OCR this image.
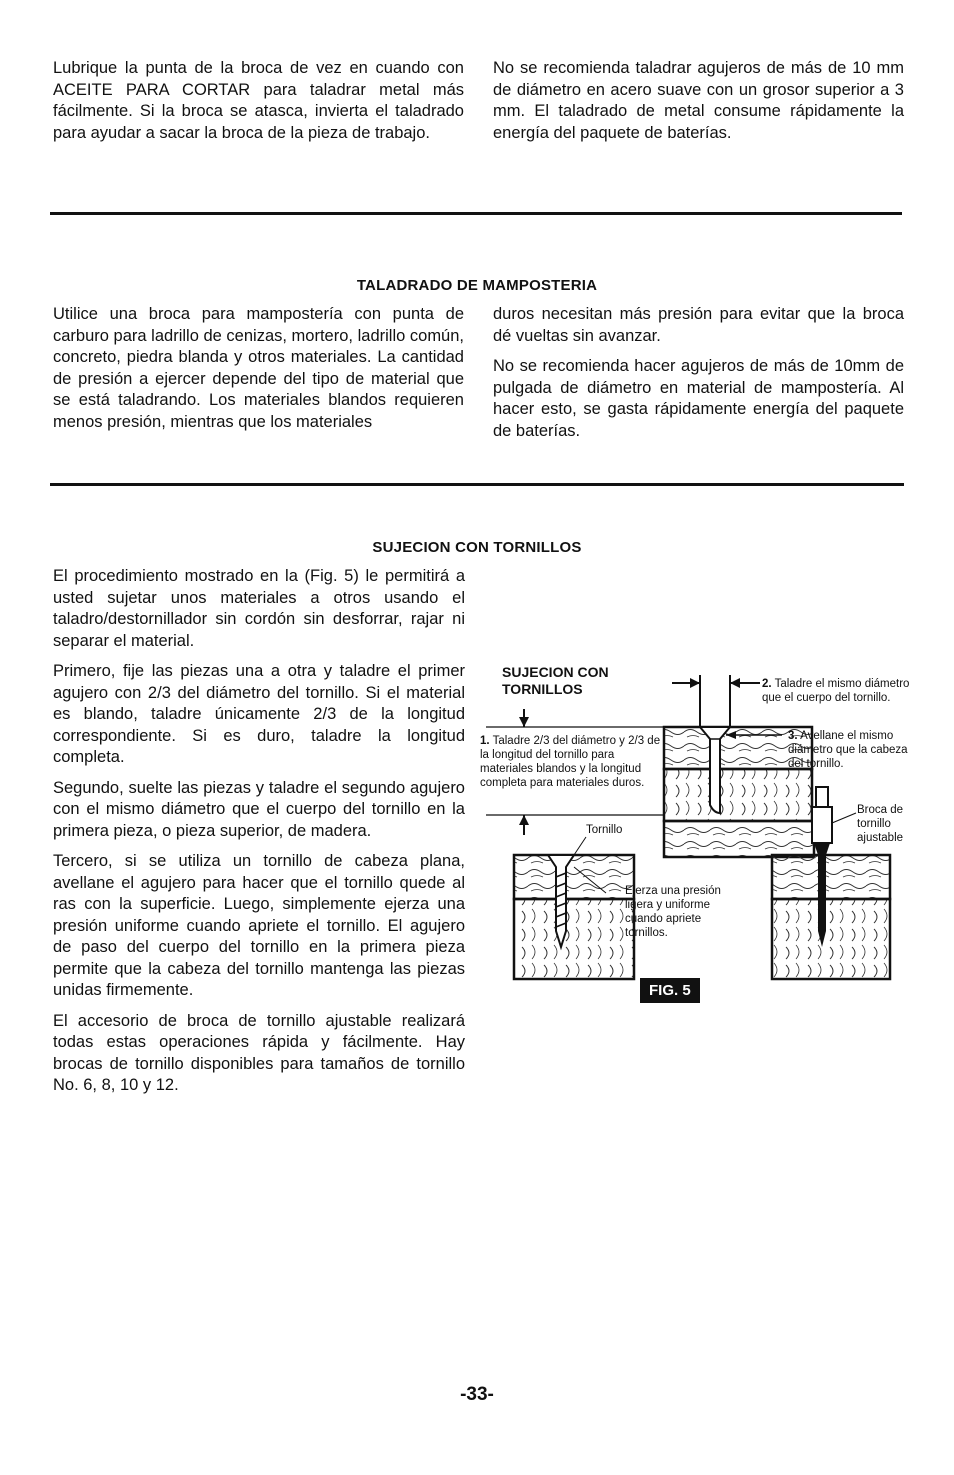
Lubrique la punta de la broca de vez en cuando con ACEITE PARA CORTAR para taladrar metal más fácilmente. Si la broca se atasca, invierta el taladrado para ayudar a sacar la broca de la pieza de trabajo.

No se recomienda taladrar agujeros de más de 10 mm de diámetro en acero suave con un grosor superior a 3 mm. El taladrado de metal consume rápidamente la energía del paquete de baterías.

TALADRADO DE MAMPOSTERIA

Utilice una broca para mampostería con punta de carburo para ladrillo de cenizas, mortero, ladrillo común, concreto, piedra blanda y otros materiales. La cantidad de presión a ejercer depende del tipo de material que se está taladrando. Los materiales blandos requieren menos presión, mientras que los materiales

duros necesitan más presión para evitar que la broca dé vueltas sin avanzar.

No se recomienda hacer agujeros de más de 10mm de pulgada de diámetro en material de mampostería. Al hacer esto, se gasta rápidamente energía del paquete de baterías.

SUJECION CON TORNILLOS

El procedimiento mostrado en la (Fig. 5) le permitirá a usted sujetar unos materiales a otros usando el taladro/destornillador sin cordón sin desforrar, rajar ni separar el material.

Primero, fije las piezas una a otra y taladre el primer agujero con 2/3 del diámetro del tornillo. Si el material es blando, taladre únicamente 2/3 de la longitud correspondiente. Si es duro, taladre la longitud completa.

Segundo, suelte las piezas y taladre el segundo agujero con el mismo diámetro que el cuerpo del tornillo en la primera pieza, o pieza superior, de madera.

Tercero, si se utiliza un tornillo de cabeza plana, avellane el agujero para hacer que el tornillo quede al ras con la superficie. Luego, simplemente ejerza una presión uniforme cuando apriete el tornillo. El agujero de paso del cuerpo del tornillo en la primera pieza permite que la cabeza del tornillo mantenga las piezas unidas firmemente.

El accesorio de broca de tornillo ajustable realizará todas estas operaciones rápida y fácilmente. Hay brocas de tornillo disponibles para tamaños de tornillo No. 6, 8, 10 y 12.

SUJECION CON
TORNILLOS	2. Taladre el mismo diámetro que el cuerpo del tornillo.
3. Avellane el mismo diámetro que la cabeza del tornillo.
1. Taladre 2/3 del diámetro y 2/3 de la longitud del tornillo para materiales blandos y la longitud completa para materiales duros.
Tornillo
Broca de tornillo ajustable
Ejerza una presión ligera y uniforme cuando apriete tornillos.
FIG. 5
-33-
